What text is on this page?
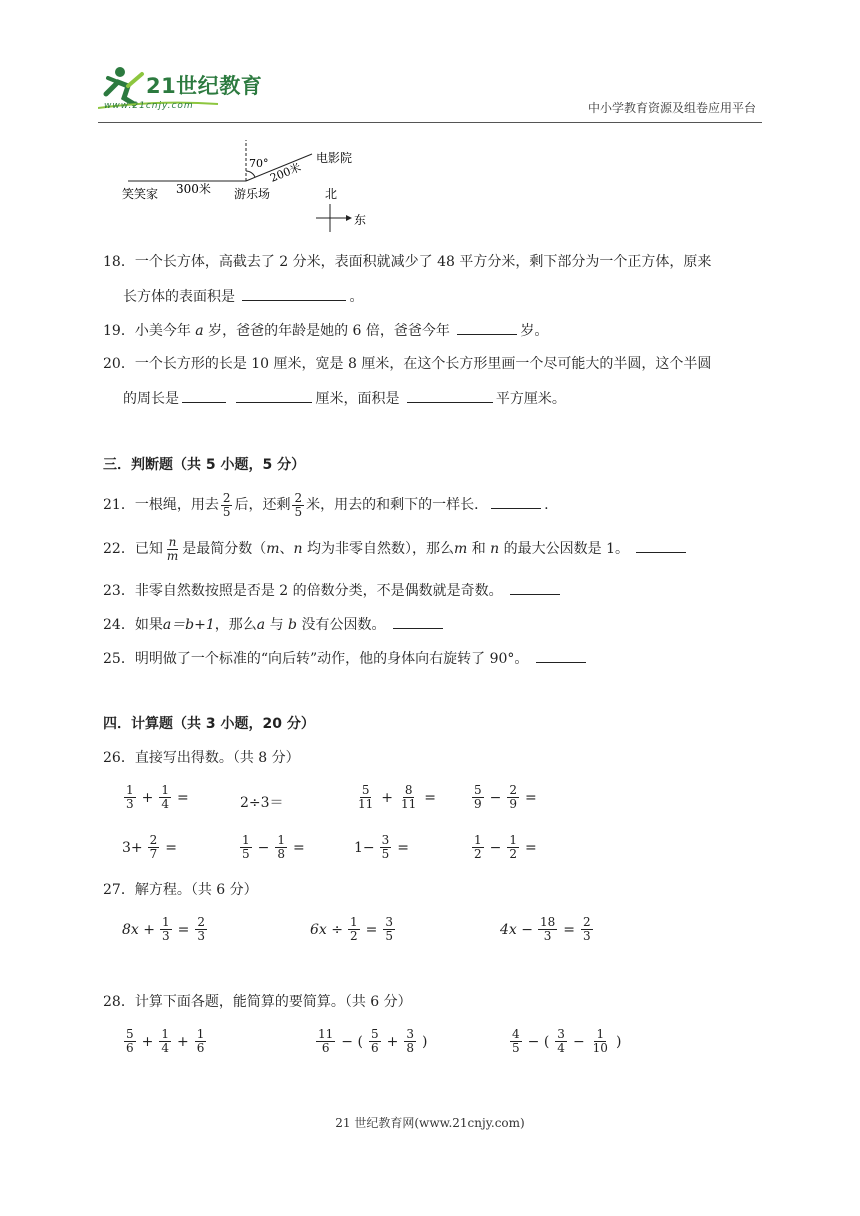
21世纪教育
www.21cnjy.com	中小学教育资源及组卷应用平台
70°
笑笑家 300米 游乐场
200米
电影院
北
东
18．一个长方体，高截去了 2 分米，表面积就减少了 48 平方分米，剩下部分为一个正方体，原来
长方体的表面积是	。
19．小美今年 a 岁，爸爸的年龄是她的 6 倍，爸爸今年	岁。
20．一个长方形的长是 10 厘米，宽是 8 厘米，在这个长方形里画一个尽可能大的半圆，这个半圆
的周长是	厘米，面积是	平方厘米。
三．判断题（共 5 小题，5 分）
21．一根绳，用去 $\frac{2}{5}$ 后，还剩 $\frac{2}{5}$ 米，用去的和剩下的一样长．	.
22．已知 $\frac{n}{m}$ 是最简分数（m、n 均为非零自然数），那么m 和 n 的最大公因数是 1。
23．非零自然数按照是否是 2 的倍数分类，不是偶数就是奇数。
24．如果a＝b+1，那么a 与 b 没有公因数。
25．明明做了一个标准的“向后转”动作，他的身体向右旋转了 90°。
四．计算题（共 3 小题，20 分）
26．直接写出得数。（共 8 分）
$\frac{1}{3} + \frac{1}{4}$ =	2÷3＝	$\frac{5}{11} + \frac{8}{11}$ =	$\frac{5}{9} - \frac{2}{9}$ =
$3+ \frac{2}{7}$ =	$\frac{1}{5} - \frac{1}{8}$ =	$1- \frac{3}{5}$ =	$\frac{1}{2} - \frac{1}{2}$ =
27．解方程。（共 6 分）
$8x + \frac{1}{3} = \frac{2}{3}$	$6x \div \frac{1}{2} = \frac{3}{5}$	$4x - \frac{18}{3} = \frac{2}{3}$
28．计算下面各题，能简算的要简算。（共 6 分）
$\frac{5}{6} + \frac{1}{4} + \frac{1}{6}$	$\frac{11}{6}$ − ( $\frac{5}{6} + \frac{3}{8}$ )	$\frac{4}{5}$ − ( $\frac{3}{4} - \frac{1}{10}$ )
21 世纪教育网(www.21cnjy.com)
